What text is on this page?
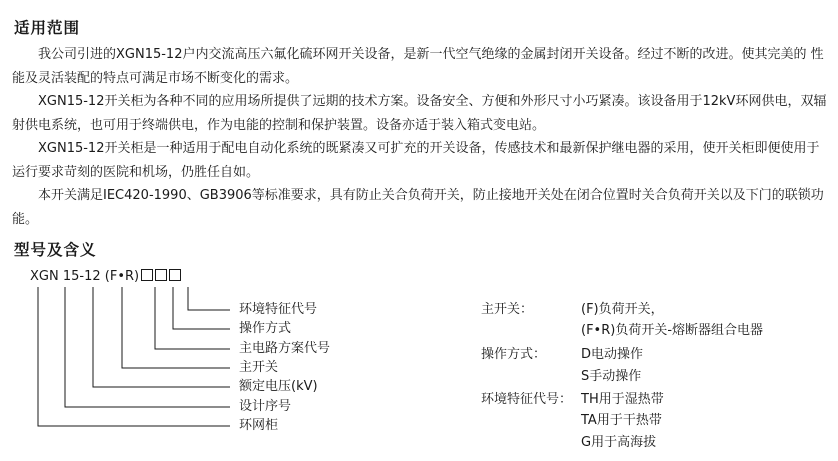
适用范围

我公司引进的XGN15-12户内交流高压六氟化硫环网开关设备，是新一代空气绝缘的金属封闭开关设备。经过不断的改进。使其完美的 性能及灵活装配的特点可满足市场不断变化的需求。

XGN15-12开关柜为各种不同的应用场所提供了远期的技术方案。设备安全、方便和外形尺寸小巧紧凑。该设备用于12kV环网供电，双辐射供电系统，也可用于终端供电，作为电能的控制和保护装置。设备亦适于装入箱式变电站。

XGN15-12开关柜是一种适用于配电自动化系统的既紧凑又可扩充的开关设备，传感技术和最新保护继电器的采用，使开关柜即便使用于运行要求苛刻的医院和机场，仍胜任自如。

本开关满足IEC420-1990、GB3906等标准要求，具有防止关合负荷开关，防止接地开关处在闭合位置时关合负荷开关以及下门的联锁功能。

型号及含义
XGN 15-12 (F•R)
环境特征代号
操作方式
主电路方案代号
主开关
额定电压(kV)
设计序号
环网柜
主开关：	(F)负荷开关，
(F•R)负荷开关-熔断器组合电器
操作方式：	D电动操作
S手动操作
环境特征代号： TH用于湿热带
TA用于干热带
G用于高海拔
